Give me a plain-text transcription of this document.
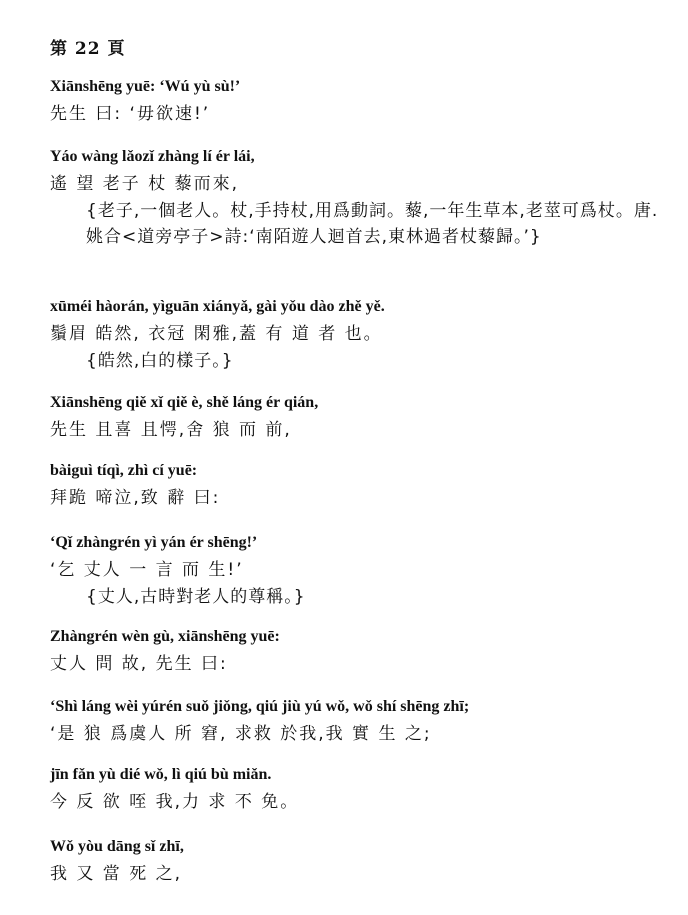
第 22 頁
Xiānshēng yuē: ‘Wú yù sù!’
先生 曰: ‘毋欲速!’
Yáo wàng lǎozǐ zhàng lí ér lái,
遙 望 老子 杖 藜而來,
{老子,一個老人。杖,手持杖,用爲動詞。藜,一年生草本,老莖可爲杖。唐.姚合<道旁亭子>詩:‘南陌遊人迴首去,東林過者杖藜歸。’}
xūméi hàorán, yìguān xiányǎ, gài yǒu dào zhě yě.
鬚眉 皓然, 衣冠 閑雅,蓋 有 道 者 也。
{皓然,白的樣子。}
Xiānshēng qiě xǐ qiě è, shě láng ér qián,
先生 且喜 且愕,舍 狼 而 前,
bàiguì tíqì, zhì cí yuē:
拜跪 啼泣,致 辭 曰:
‘Qǐ zhàngrén yì yán ér shēng!’
‘乞 丈人 一 言 而 生!’
{丈人,古時對老人的尊稱。}
Zhàngrén wèn gù, xiānshēng yuē:
丈人 問 故, 先生 曰:
‘Shì láng wèi yúrén suǒ jiǒng, qiú jiù yú wǒ, wǒ shí shēng zhī;
‘是 狼 爲虞人 所 窘, 求救 於我,我 實 生 之;
jīn fǎn yù dié wǒ, lì qiú bù miǎn.
今 反 欲 咥 我,力 求 不 免。
Wǒ yòu dāng sǐ zhī,
我 又 當 死 之,
